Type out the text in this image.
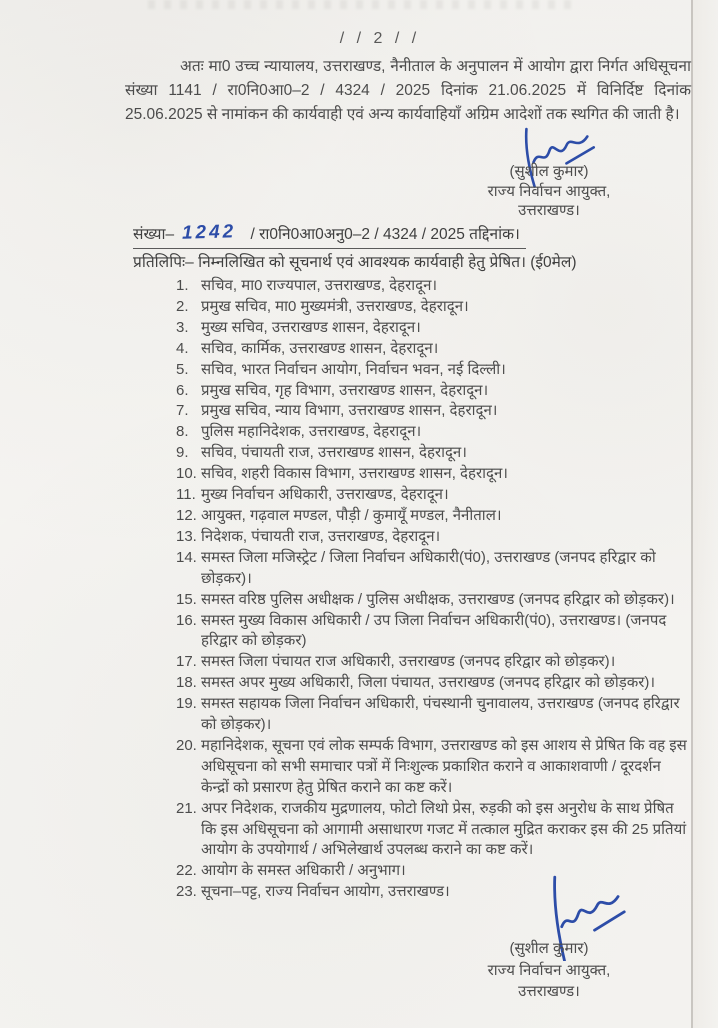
/ / 2 / /
अतः मा0 उच्च न्यायालय, उत्तराखण्ड, नैनीताल के अनुपालन में आयोग द्वारा निर्गत अधिसूचना संख्या 1141 / रा0नि0आ0–2 / 4324 / 2025 दिनांक 21.06.2025 में विनिर्दिष्ट दिनांक 25.06.2025 से नामांकन की कार्यवाही एवं अन्य कार्यवाहियाँ अग्रिम आदेशों तक स्थगित की जाती है।
(सुशील कुमार)
राज्य निर्वाचन आयुक्त,
उत्तराखण्ड।
संख्या– 1242 / रा0नि0आ0अनु0–2 / 4324 / 2025 तद्दिनांक।
प्रतिलिपिः– निम्नलिखित को सूचनार्थ एवं आवश्यक कार्यवाही हेतु प्रेषित। (ई0मेल)
1. सचिव, मा0 राज्यपाल, उत्तराखण्ड, देहरादून।
2. प्रमुख सचिव, मा0 मुख्यमंत्री, उत्तराखण्ड, देहरादून।
3. मुख्य सचिव, उत्तराखण्ड शासन, देहरादून।
4. सचिव, कार्मिक, उत्तराखण्ड शासन, देहरादून।
5. सचिव, भारत निर्वाचन आयोग, निर्वाचन भवन, नई दिल्ली।
6. प्रमुख सचिव, गृह विभाग, उत्तराखण्ड शासन, देहरादून।
7. प्रमुख सचिव, न्याय विभाग, उत्तराखण्ड शासन, देहरादून।
8. पुलिस महानिदेशक, उत्तराखण्ड, देहरादून।
9. सचिव, पंचायती राज, उत्तराखण्ड शासन, देहरादून।
10. सचिव, शहरी विकास विभाग, उत्तराखण्ड शासन, देहरादून।
11. मुख्य निर्वाचन अधिकारी, उत्तराखण्ड, देहरादून।
12. आयुक्त, गढ़वाल मण्डल, पौड़ी / कुमायूँ मण्डल, नैनीताल।
13. निदेशक, पंचायती राज, उत्तराखण्ड, देहरादून।
14. समस्त जिला मजिस्ट्रेट / जिला निर्वाचन अधिकारी(पं0), उत्तराखण्ड (जनपद हरिद्वार को छोड़कर)।
15. समस्त वरिष्ठ पुलिस अधीक्षक / पुलिस अधीक्षक, उत्तराखण्ड (जनपद हरिद्वार को छोड़कर)।
16. समस्त मुख्य विकास अधिकारी / उप जिला निर्वाचन अधिकारी(पं0), उत्तराखण्ड। (जनपद हरिद्वार को छोड़कर)
17. समस्त जिला पंचायत राज अधिकारी, उत्तराखण्ड (जनपद हरिद्वार को छोड़कर)।
18. समस्त अपर मुख्य अधिकारी, जिला पंचायत, उत्तराखण्ड (जनपद हरिद्वार को छोड़कर)।
19. समस्त सहायक जिला निर्वाचन अधिकारी, पंचस्थानी चुनावालय, उत्तराखण्ड (जनपद हरिद्वार को छोड़कर)।
20. महानिदेशक, सूचना एवं लोक सम्पर्क विभाग, उत्तराखण्ड को इस आशय से प्रेषित कि वह इस अधिसूचना को सभी समाचार पत्रों में निःशुल्क प्रकाशित कराने व आकाशवाणी / दूरदर्शन केन्द्रों को प्रसारण हेतु प्रेषित कराने का कष्ट करें।
21. अपर निदेशक, राजकीय मुद्रणालय, फोटो लिथो प्रेस, रुड़की को इस अनुरोध के साथ प्रेषित कि इस अधिसूचना को आगामी असाधारण गजट में तत्काल मुद्रित कराकर इस की 25 प्रतियां आयोग के उपयोगार्थ / अभिलेखार्थ उपलब्ध कराने का कष्ट करें।
22. आयोग के समस्त अधिकारी / अनुभाग।
23. सूचना–पट्ट, राज्य निर्वाचन आयोग, उत्तराखण्ड।
(सुशील कुमार)
राज्य निर्वाचन आयुक्त,
उत्तराखण्ड।
